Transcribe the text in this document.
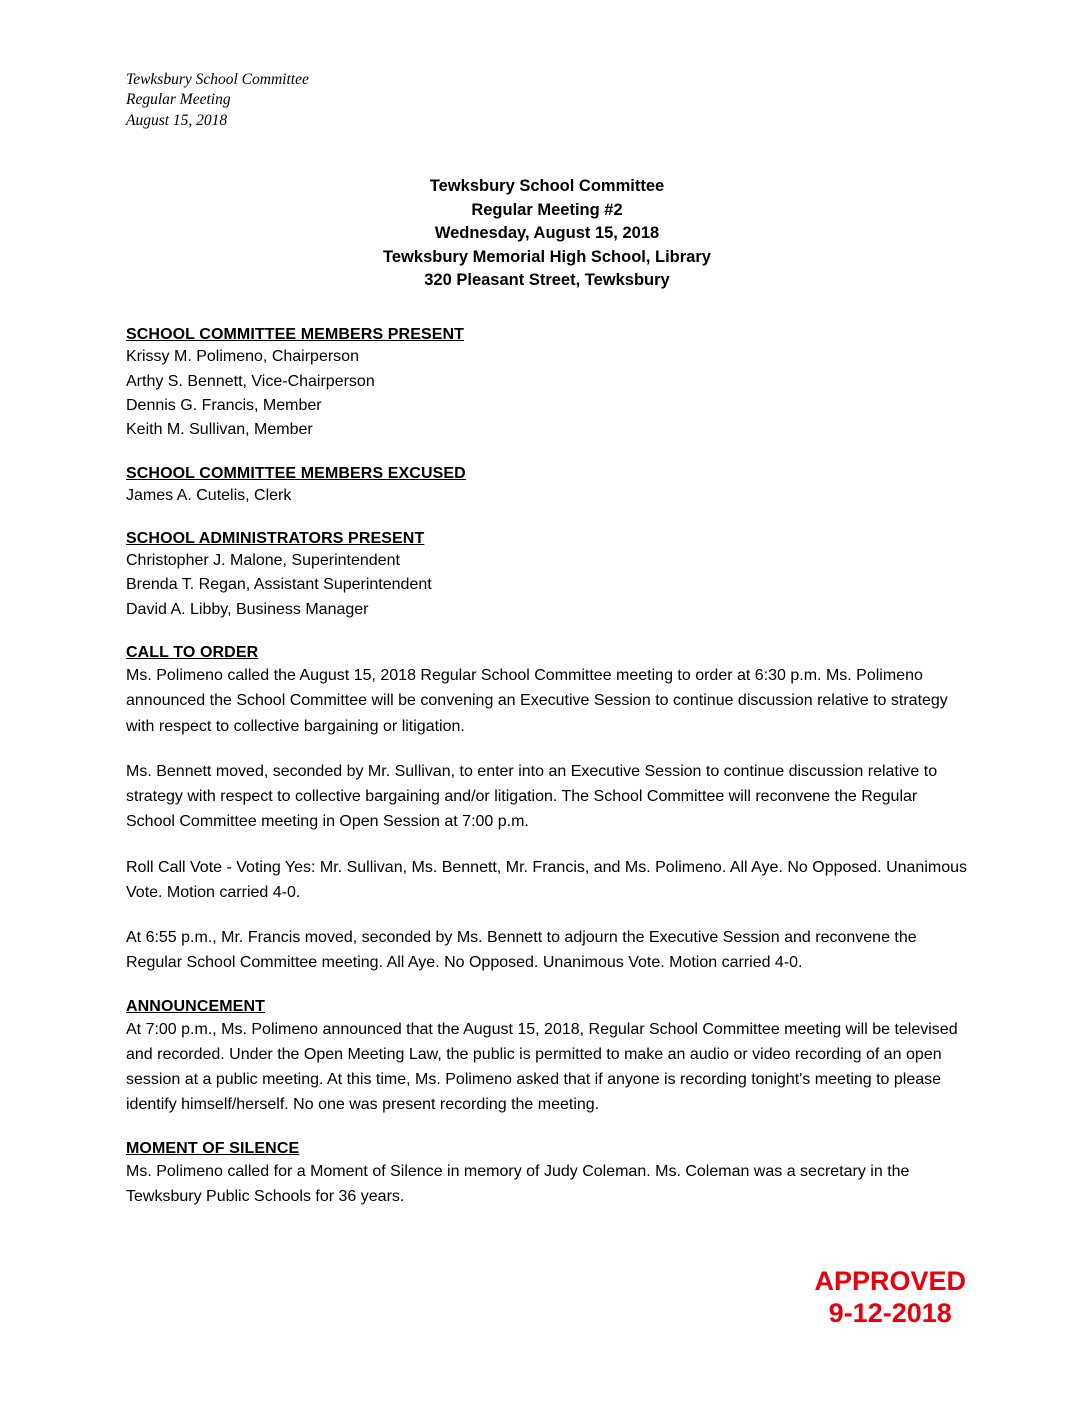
Tewksbury School Committee
Regular Meeting
August 15, 2018
Tewksbury School Committee
Regular Meeting #2
Wednesday, August 15, 2018
Tewksbury Memorial High School, Library
320 Pleasant Street, Tewksbury
SCHOOL COMMITTEE MEMBERS PRESENT
Krissy M. Polimeno, Chairperson
Arthy S. Bennett, Vice-Chairperson
Dennis G. Francis, Member
Keith M. Sullivan, Member
SCHOOL COMMITTEE MEMBERS EXCUSED
James A. Cutelis, Clerk
SCHOOL ADMINISTRATORS PRESENT
Christopher J. Malone, Superintendent
Brenda T. Regan, Assistant Superintendent
David A. Libby, Business Manager
CALL TO ORDER

Ms. Polimeno called the August 15, 2018 Regular School Committee meeting to order at 6:30 p.m. Ms. Polimeno announced the School Committee will be convening an Executive Session to continue discussion relative to strategy with respect to collective bargaining or litigation.

Ms. Bennett moved, seconded by Mr. Sullivan, to enter into an Executive Session to continue discussion relative to strategy with respect to collective bargaining and/or litigation. The School Committee will reconvene the Regular School Committee meeting in Open Session at 7:00 p.m.

Roll Call Vote - Voting Yes: Mr. Sullivan, Ms. Bennett, Mr. Francis, and Ms. Polimeno. All Aye. No Opposed. Unanimous Vote. Motion carried 4-0.

At 6:55 p.m., Mr. Francis moved, seconded by Ms. Bennett to adjourn the Executive Session and reconvene the Regular School Committee meeting. All Aye. No Opposed. Unanimous Vote. Motion carried 4-0.

ANNOUNCEMENT

At 7:00 p.m., Ms. Polimeno announced that the August 15, 2018, Regular School Committee meeting will be televised and recorded. Under the Open Meeting Law, the public is permitted to make an audio or video recording of an open session at a public meeting. At this time, Ms. Polimeno asked that if anyone is recording tonight's meeting to please identify himself/herself. No one was present recording the meeting.

MOMENT OF SILENCE

Ms. Polimeno called for a Moment of Silence in memory of Judy Coleman. Ms. Coleman was a secretary in the Tewksbury Public Schools for 36 years.

APPROVED
9-12-2018
